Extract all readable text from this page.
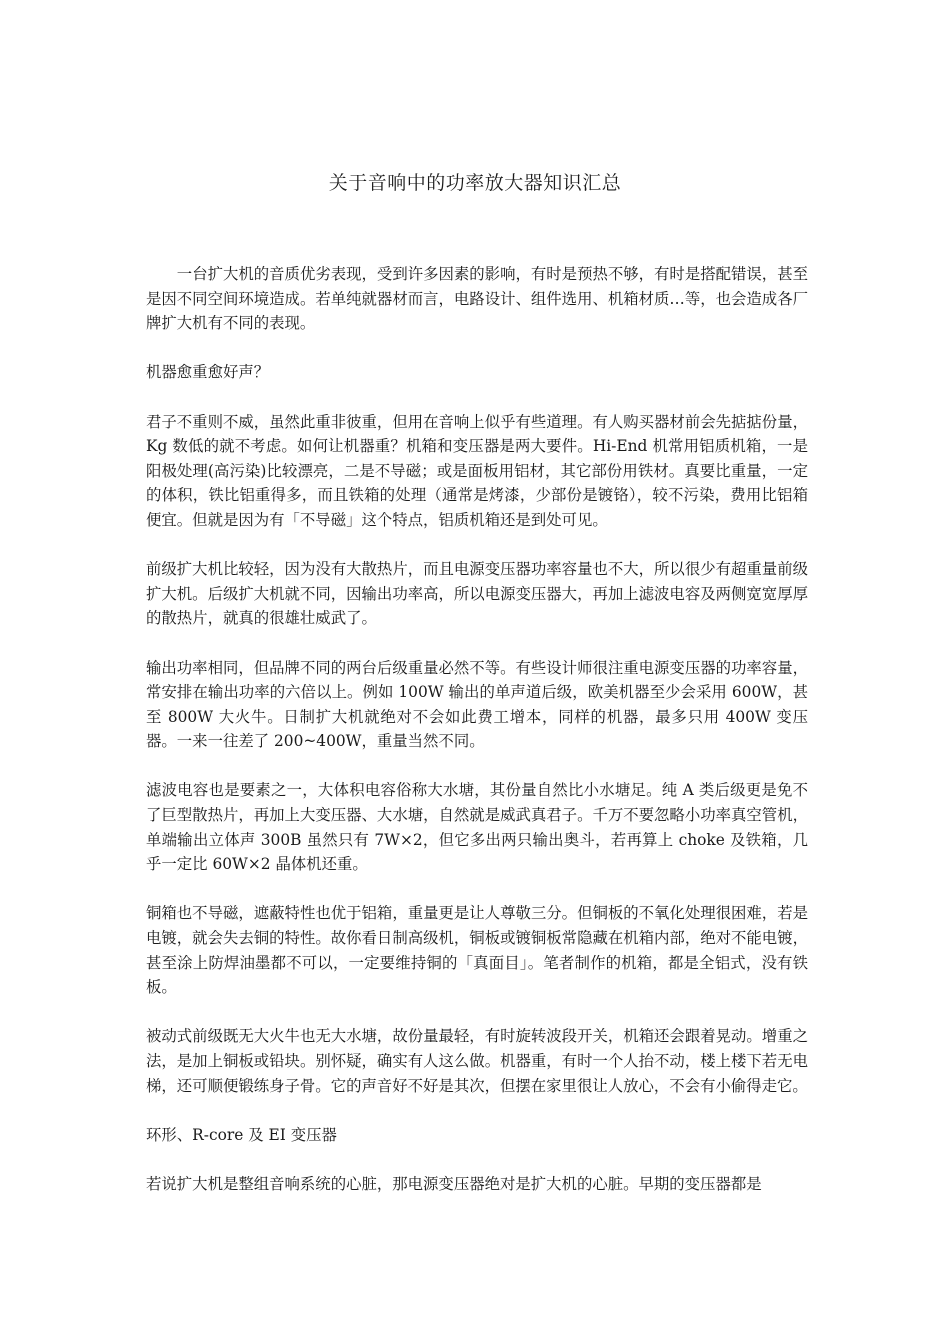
关于音响中的功率放大器知识汇总

一台扩大机的音质优劣表现，受到许多因素的影响，有时是预热不够，有时是搭配错误，甚至是因不同空间环境造成。若单纯就器材而言，电路设计、组件选用、机箱材质…等，也会造成各厂牌扩大机有不同的表现。

机器愈重愈好声？

君子不重则不威，虽然此重非彼重，但用在音响上似乎有些道理。有人购买器材前会先掂掂份量，Kg 数低的就不考虑。如何让机器重？机箱和变压器是两大要件。Hi-End 机常用铝质机箱，一是阳极处理(高污染)比较漂亮，二是不导磁；或是面板用铝材，其它部份用铁材。真要比重量，一定的体积，铁比铝重得多，而且铁箱的处理（通常是烤漆，少部份是镀铬），较不污染，费用比铝箱便宜。但就是因为有「不导磁」这个特点，铝质机箱还是到处可见。

前级扩大机比较轻，因为没有大散热片，而且电源变压器功率容量也不大，所以很少有超重量前级扩大机。后级扩大机就不同，因输出功率高，所以电源变压器大，再加上滤波电容及两侧宽宽厚厚的散热片，就真的很雄壮威武了。

输出功率相同，但品牌不同的两台后级重量必然不等。有些设计师很注重电源变压器的功率容量，常安排在输出功率的六倍以上。例如 100W 输出的单声道后级，欧美机器至少会采用 600W，甚至 800W 大火牛。日制扩大机就绝对不会如此费工增本，同样的机器，最多只用 400W 变压器。一来一往差了 200~400W，重量当然不同。

滤波电容也是要素之一，大体积电容俗称大水塘，其份量自然比小水塘足。纯 A 类后级更是免不了巨型散热片，再加上大变压器、大水塘，自然就是威武真君子。千万不要忽略小功率真空管机，单端输出立体声 300B 虽然只有 7W×2，但它多出两只输出奥斗，若再算上 choke 及铁箱，几乎一定比 60W×2 晶体机还重。

铜箱也不导磁，遮蔽特性也优于铝箱，重量更是让人尊敬三分。但铜板的不氧化处理很困难，若是电镀，就会失去铜的特性。故你看日制高级机，铜板或镀铜板常隐藏在机箱内部，绝对不能电镀，甚至涂上防焊油墨都不可以，一定要维持铜的「真面目」。笔者制作的机箱，都是全铝式，没有铁板。

被动式前级既无大火牛也无大水塘，故份量最轻，有时旋转波段开关，机箱还会跟着晃动。增重之法，是加上铜板或铅块。别怀疑，确实有人这么做。机器重，有时一个人抬不动，楼上楼下若无电梯，还可顺便锻练身子骨。它的声音好不好是其次，但摆在家里很让人放心，不会有小偷得走它。

环形、R-core 及 EI 变压器

若说扩大机是整组音响系统的心脏，那电源变压器绝对是扩大机的心脏。早期的变压器都是
